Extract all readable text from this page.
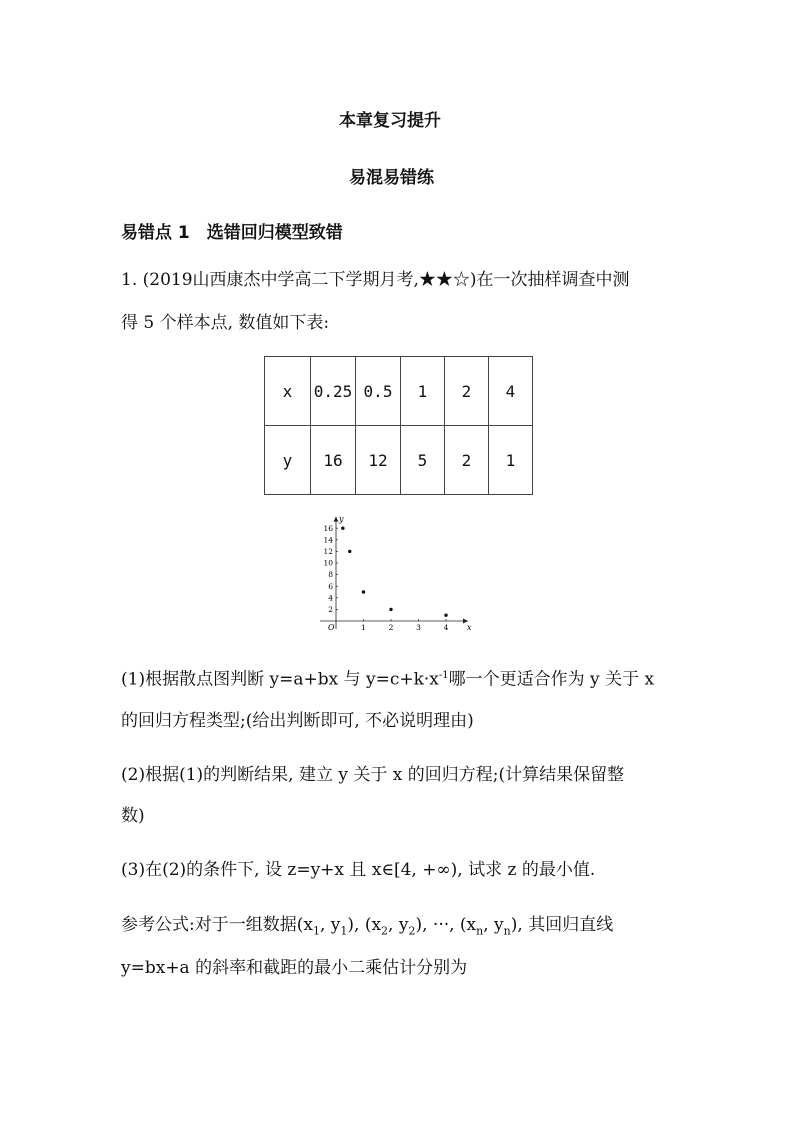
本章复习提升
易混易错练
易错点 1　选错回归模型致错
1. (2019山西康杰中学高二下学期月考,★★☆)在一次抽样调查中测
得 5 个样本点, 数值如下表:
x	0.25	0.5	1	2	4
y	16	12	5	2	1
1	2	3	4
2
4
6
8
10
12
14
16
O	x
y
(1)根据散点图判断 y=a+bx 与 $y=c+k\cdot x^{-1}$哪一个更适合作为 y 关于 x
的回归方程类型;(给出判断即可, 不必说明理由)
(2)根据(1)的判断结果, 建立 y 关于 x 的回归方程;(计算结果保留整
数)
(3)在(2)的条件下, 设 z=y+x 且 x∈[4, +∞), 试求 z 的最小值.
参考公式:对于一组数据($x_1$, $y_1$), ($x_2$, $y_2$), ···, ($x_n$, $y_n$), 其回归直线
y=bx+a 的斜率和截距的最小二乘估计分别为
